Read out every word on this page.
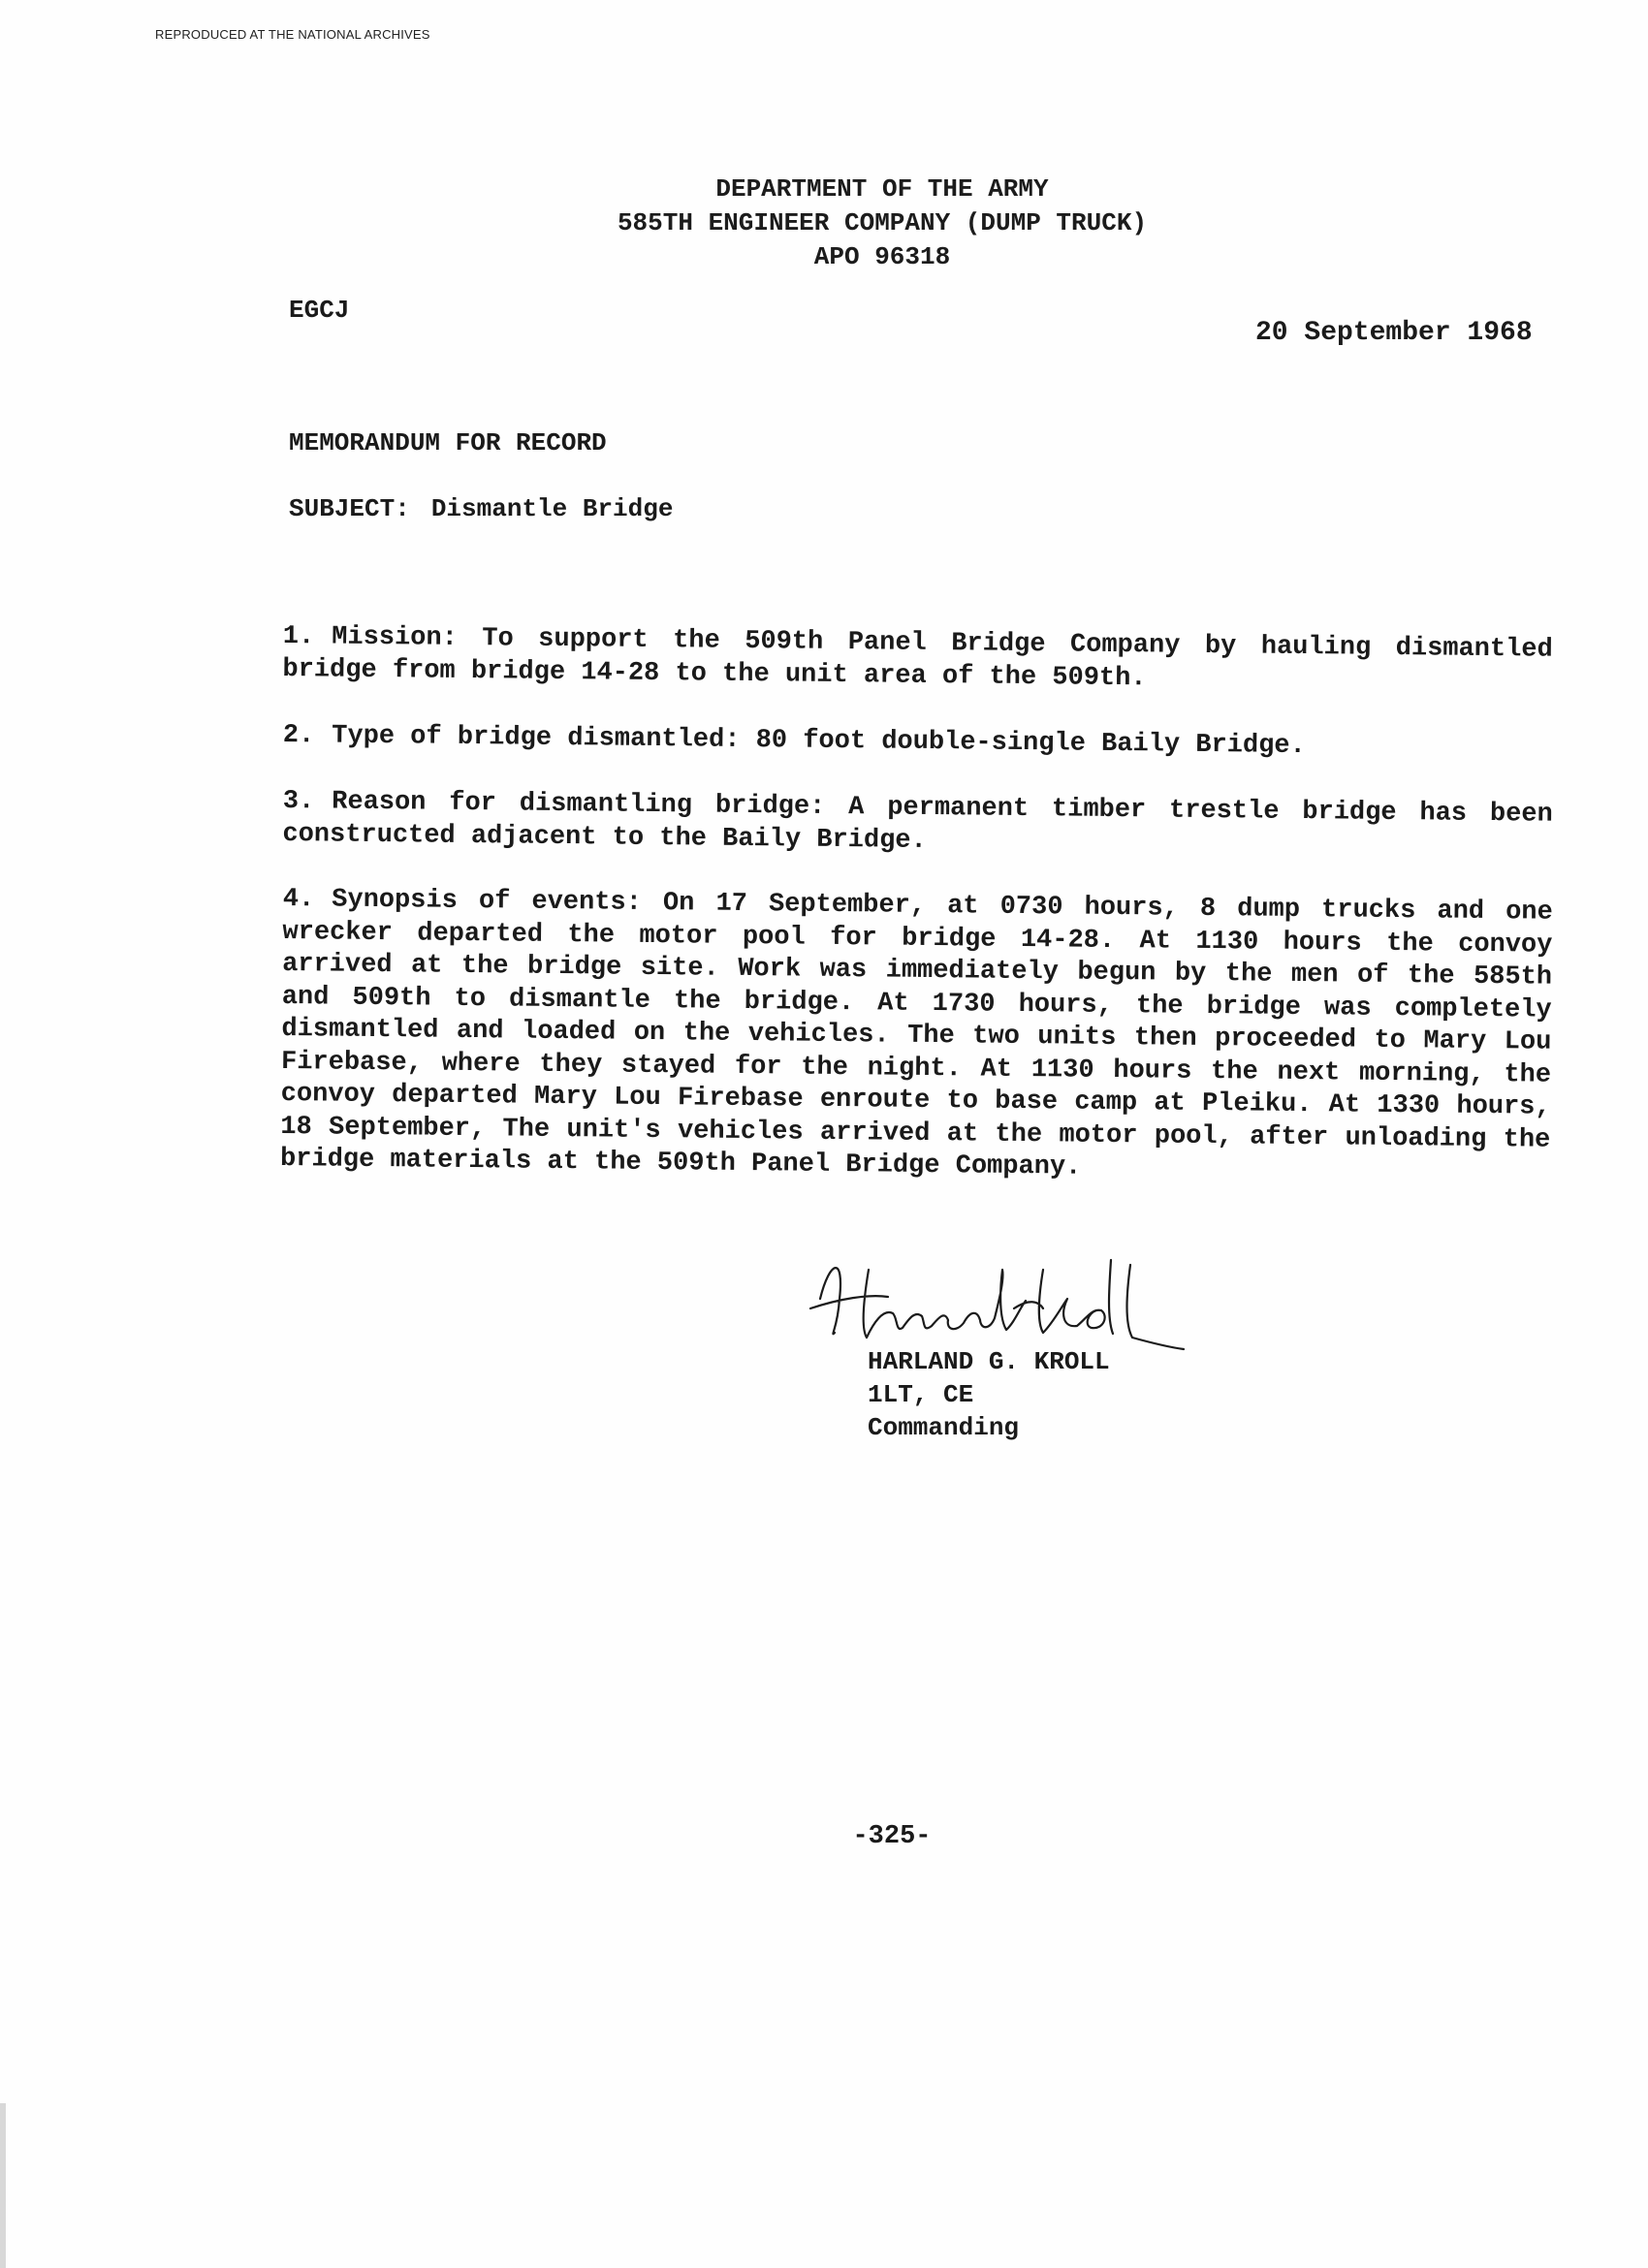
REPRODUCED AT THE NATIONAL ARCHIVES
DEPARTMENT OF THE ARMY
585TH ENGINEER COMPANY (DUMP TRUCK)
APO 96318
EGCJ
20 September 1968
MEMORANDUM FOR RECORD
SUBJECT: Dismantle Bridge
1. Mission: To support the 509th Panel Bridge Company by hauling dismantled bridge from bridge 14-28 to the unit area of the 509th.
2. Type of bridge dismantled: 80 foot double-single Baily Bridge.
3. Reason for dismantling bridge: A permanent timber trestle bridge has been constructed adjacent to the Baily Bridge.
4. Synopsis of events: On 17 September, at 0730 hours, 8 dump trucks and one wrecker departed the motor pool for bridge 14-28. At 1130 hours the convoy arrived at the bridge site. Work was immediately begun by the men of the 585th and 509th to dismantle the bridge. At 1730 hours, the bridge was completely dismantled and loaded on the vehicles. The two units then proceeded to Mary Lou Firebase, where they stayed for the night. At 1130 hours the next morning, the convoy departed Mary Lou Firebase enroute to base camp at Pleiku. At 1330 hours, 18 September, The unit's vehicles arrived at the motor pool, after unloading the bridge materials at the 509th Panel Bridge Company.
HARLAND G. KROLL
1LT, CE
Commanding
-325-
